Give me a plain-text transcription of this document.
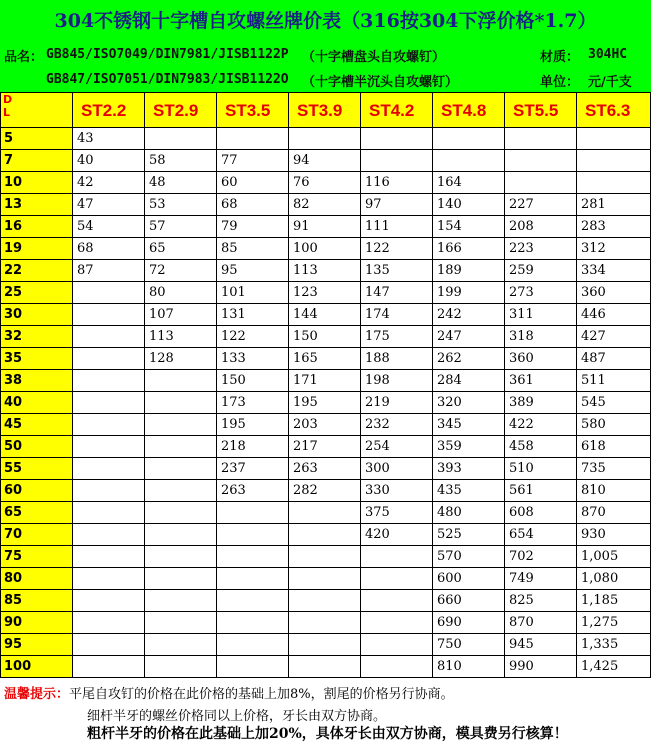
304不锈钢十字槽自攻螺丝牌价表（316按304下浮价格*1.7）
品名： GB845/ISO7049/DIN7981/JISB1122P （十字槽盘头自攻螺钉）	材质： 304HC
GB847/ISO7051/DIN7983/JISB1122O （十字槽半沉头自攻螺钉）	单位： 元/千支
D
L	ST2.2	ST2.9	ST3.5	ST3.9	ST4.2	ST4.8	ST5.5	ST6.3
5	43							
7	40	58	77	94				
10	42	48	60	76	116	164		
13	47	53	68	82	97	140	227	281
16	54	57	79	91	111	154	208	283
19	68	65	85	100	122	166	223	312
22	87	72	95	113	135	189	259	334
25		80	101	123	147	199	273	360
30		107	131	144	174	242	311	446
32		113	122	150	175	247	318	427
35		128	133	165	188	262	360	487
38			150	171	198	284	361	511
40			173	195	219	320	389	545
45			195	203	232	345	422	580
50			218	217	254	359	458	618
55			237	263	300	393	510	735
60			263	282	330	435	561	810
65					375	480	608	870
70					420	525	654	930
75						570	702	1,005
80						600	749	1,080
85						660	825	1,185
90						690	870	1,275
95						750	945	1,335
100						810	990	1,425
温馨提示：平尾自攻钉的价格在此价格的基础上加8%，割尾的价格另行协商。
细杆半牙的螺丝价格同以上价格，牙长由双方协商。
粗杆半牙的价格在此基础上加20%，具体牙长由双方协商，模具费另行核算！
